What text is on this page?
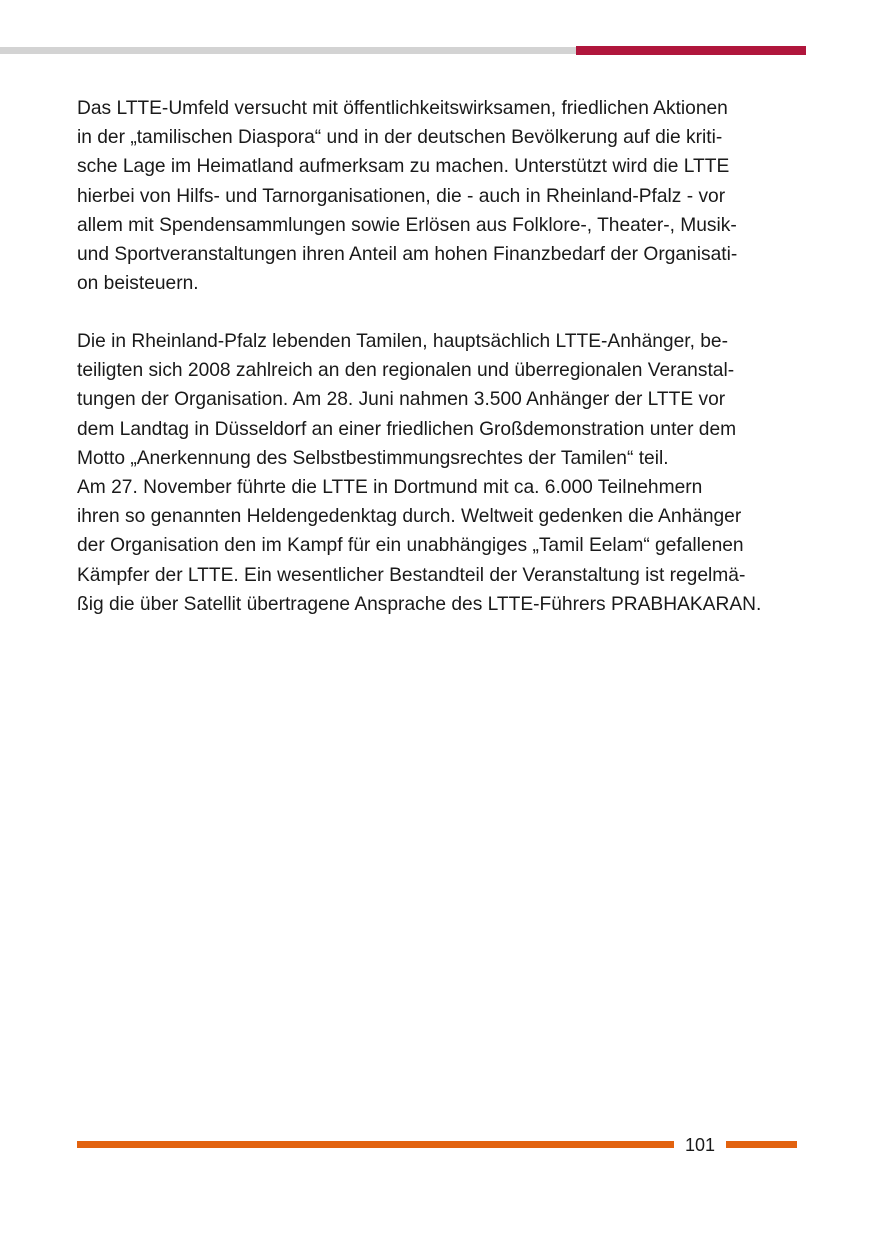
Das LTTE-Umfeld versucht mit öffentlichkeitswirksamen, friedlichen Aktionen
in der „tamilischen Diaspora“ und in der deutschen Bevölkerung auf die kriti-
sche Lage im Heimatland aufmerksam zu machen. Unterstützt wird die LTTE
hierbei von Hilfs- und Tarnorganisationen, die - auch in Rheinland-Pfalz - vor
allem mit Spendensammlungen sowie Erlösen aus Folklore-, Theater-, Musik-
und Sportveranstaltungen ihren Anteil am hohen Finanzbedarf der Organisati-
on beisteuern.
Die in Rheinland-Pfalz lebenden Tamilen, hauptsächlich LTTE-Anhänger, be-
teiligten sich 2008 zahlreich an den regionalen und überregionalen Veranstal-
tungen der Organisation. Am 28. Juni nahmen 3.500 Anhänger der LTTE vor
dem Landtag in Düsseldorf an einer friedlichen Großdemonstration unter dem
Motto „Anerkennung des Selbstbestimmungsrechtes der Tamilen“ teil.
Am 27. November führte die LTTE in Dortmund mit ca. 6.000 Teilnehmern
ihren so genannten Heldengedenktag durch. Weltweit gedenken die Anhänger
der Organisation den im Kampf für ein unabhängiges „Tamil Eelam“ gefallenen
Kämpfer der LTTE. Ein wesentlicher Bestandteil der Veranstaltung ist regelmä-
ßig die über Satellit übertragene Ansprache des LTTE-Führers PRABHAKARAN.
101
